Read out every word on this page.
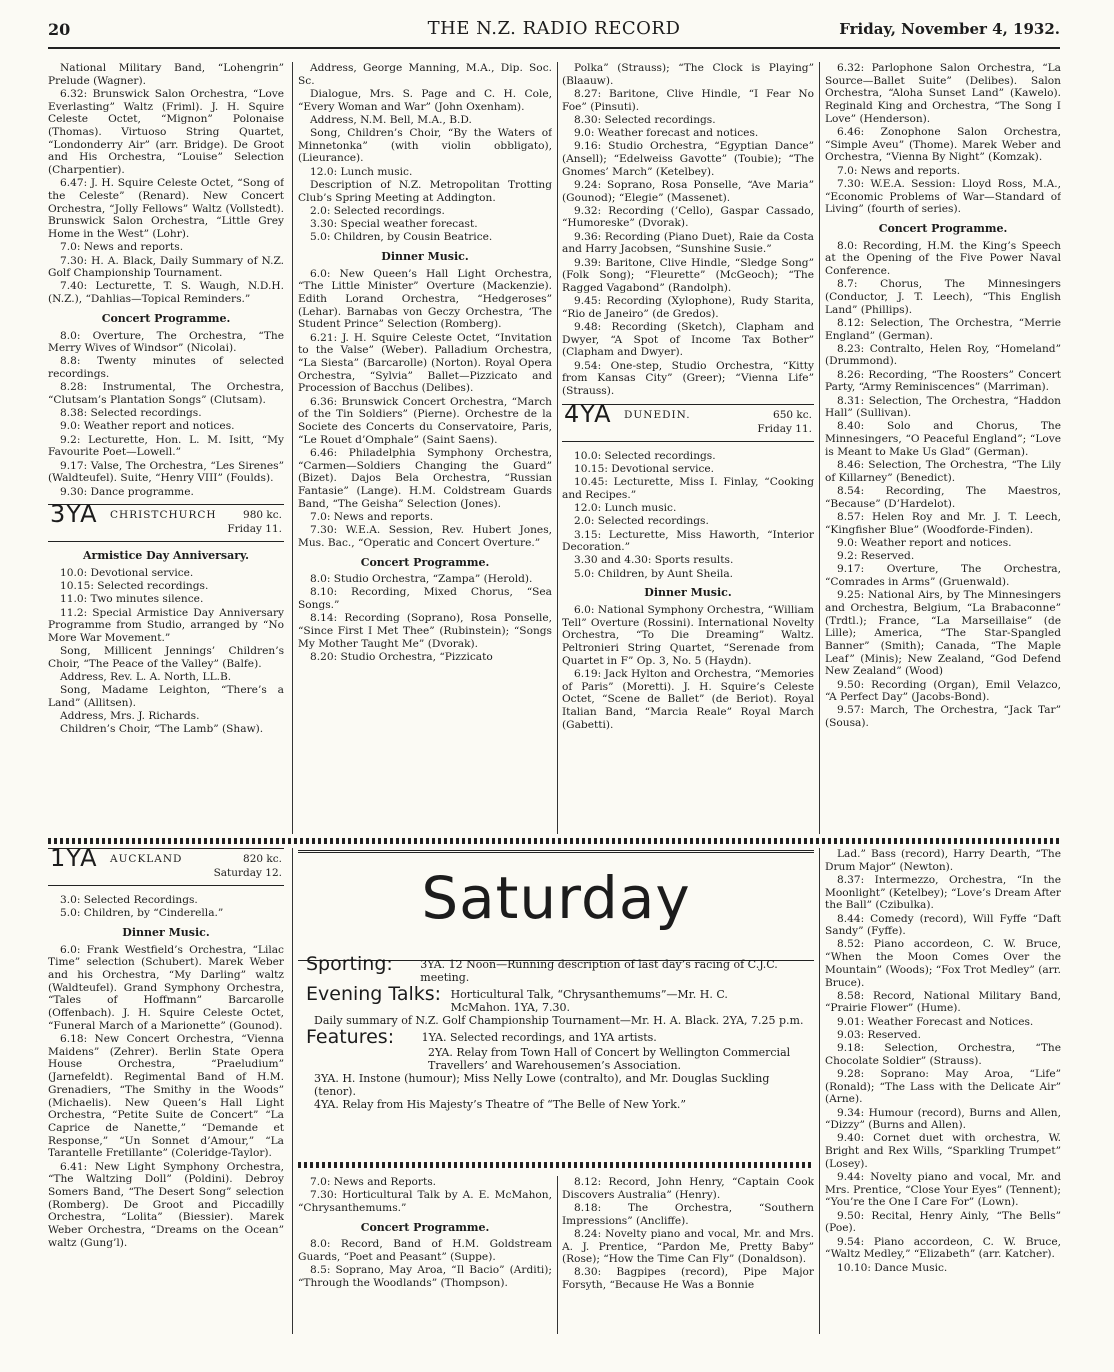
20	THE N.Z. RADIO RECORD	Friday, November 4, 1932.

National Military Band, “Lohengrin” Prelude (Wagner).

6.32: Brunswick Salon Orchestra, “Love Everlasting” Waltz (Friml). J. H. Squire Celeste Octet, “Mignon” Polonaise (Thomas). Virtuoso String Quartet, “Londonderry Air” (arr. Bridge). De Groot and His Orchestra, “Louise” Selection (Charpentier).

6.47: J. H. Squire Celeste Octet, “Song of the Celeste” (Renard). New Concert Orchestra, “Jolly Fellows” Waltz (Vollstedt). Brunswick Salon Orchestra, “Little Grey Home in the West” (Lohr).

7.0: News and reports.

7.30: H. A. Black, Daily Summary of N.Z. Golf Championship Tournament.

7.40: Lecturette, T. S. Waugh, N.D.H. (N.Z.), “Dahlias—Topical Reminders.”

Concert Programme.

8.0: Overture, The Orchestra, “The Merry Wives of Windsor” (Nicolai).

8.8: Twenty minutes of selected recordings.

8.28: Instrumental, The Orchestra, “Clutsam’s Plantation Songs” (Clutsam).

8.38: Selected recordings.

9.0: Weather report and notices.

9.2: Lecturette, Hon. L. M. Isitt, “My Favourite Poet—Lowell.”

9.17: Valse, The Orchestra, “Les Sirenes” (Waldteufel). Suite, “Henry VIII” (Foulds).

9.30: Dance programme.

3YA CHRISTCHURCH	980 kc.
Friday 11.

Armistice Day Anniversary.

10.0: Devotional service.

10.15: Selected recordings.

11.0: Two minutes silence.

11.2: Special Armistice Day Anniversary Programme from Studio, arranged by “No More War Movement.”

Song, Millicent Jennings’ Children’s Choir, “The Peace of the Valley” (Balfe).

Address, Rev. L. A. North, LL.B.

Song, Madame Leighton, “There’s a Land” (Allitsen).

Address, Mrs. J. Richards.

Children’s Choir, “The Lamb” (Shaw).

Address, George Manning, M.A., Dip. Soc. Sc.

Dialogue, Mrs. S. Page and C. H. Cole, “Every Woman and War” (John Oxenham).

Address, N.M. Bell, M.A., B.D.

Song, Children’s Choir, “By the Waters of Minnetonka” (with violin obbligato), (Lieurance).

12.0: Lunch music.

Description of N.Z. Metropolitan Trotting Club’s Spring Meeting at Addington.

2.0: Selected recordings.

3.30: Special weather forecast.

5.0: Children, by Cousin Beatrice.

Dinner Music.

6.0: New Queen’s Hall Light Orchestra, “The Little Minister” Overture (Mackenzie). Edith Lorand Orchestra, “Hedgeroses” (Lehar). Barnabas von Geczy Orchestra, ‘The Student Prince” Selection (Romberg).

6.21: J. H. Squire Celeste Octet, “Invitation to the Valse” (Weber). Palladium Orchestra, “La Siesta” (Barcarolle) (Norton). Royal Opera Orchestra, “Sylvia” Ballet—Pizzicato and Procession of Bacchus (Delibes).

6.36: Brunswick Concert Orchestra, “March of the Tin Soldiers” (Pierne). Orchestre de la Societe des Concerts du Conservatoire, Paris, “Le Rouet d’Omphale” (Saint Saens).

6.46: Philadelphia Symphony Orchestra, “Carmen—Soldiers Changing the Guard” (Bizet). Dajos Bela Orchestra, “Russian Fantasie” (Lange). H.M. Coldstream Guards Band, “The Geisha” Selection (Jones).

7.0: News and reports.

7.30: W.E.A. Session, Rev. Hubert Jones, Mus. Bac., “Operatic and Concert Overture.”

Concert Programme.

8.0: Studio Orchestra, “Zampa” (Herold).

8.10: Recording, Mixed Chorus, “Sea Songs.”

8.14: Recording (Soprano), Rosa Ponselle, “Since First I Met Thee” (Rubinstein); “Songs My Mother Taught Me” (Dvorak).

8.20: Studio Orchestra, “Pizzicato

Polka” (Strauss); “The Clock is Playing” (Blaauw).

8.27: Baritone, Clive Hindle, “I Fear No Foe” (Pinsuti).

8.30: Selected recordings.

9.0: Weather forecast and notices.

9.16: Studio Orchestra, “Egyptian Dance” (Ansell); “Edelweiss Gavotte” (Toubie); “The Gnomes’ March” (Ketelbey).

9.24: Soprano, Rosa Ponselle, “Ave Maria” (Gounod); “Elegie” (Massenet).

9.32: Recording (’Cello), Gaspar Cassado, “Humoreske” (Dvorak).

9.36: Recording (Piano Duet), Raie da Costa and Harry Jacobsen, “Sunshine Susie.”

9.39: Baritone, Clive Hindle, “Sledge Song” (Folk Song); “Fleurette” (McGeoch); “The Ragged Vagabond” (Randolph).

9.45: Recording (Xylophone), Rudy Starita, “Rio de Janeiro” (de Gredos).

9.48: Recording (Sketch), Clapham and Dwyer, “A Spot of Income Tax Bother” (Clapham and Dwyer).

9.54: One-step, Studio Orchestra, “Kitty from Kansas City” (Greer); “Vienna Life” (Strauss).

4YA DUNEDIN.	650 kc.
Friday 11.

10.0: Selected recordings.

10.15: Devotional service.

10.45: Lecturette, Miss I. Finlay, “Cooking and Recipes.”

12.0: Lunch music.

2.0: Selected recordings.

3.15: Lecturette, Miss Haworth, “Interior Decoration.”

3.30 and 4.30: Sports results.

5.0: Children, by Aunt Sheila.

Dinner Music.

6.0: National Symphony Orchestra, “William Tell” Overture (Rossini). International Novelty Orchestra, “To Die Dreaming” Waltz. Peltronieri String Quartet, “Serenade from Quartet in F” Op. 3, No. 5 (Haydn).

6.19: Jack Hylton and Orchestra, “Memories of Paris” (Moretti). J. H. Squire’s Celeste Octet, “Scene de Ballet” (de Beriot). Royal Italian Band, “Marcia Reale” Royal March (Gabetti).

6.32: Parlophone Salon Orchestra, “La Source—Ballet Suite” (Delibes). Salon Orchestra, “Aloha Sunset Land” (Kawelo). Reginald King and Orchestra, “The Song I Love” (Henderson).

6.46: Zonophone Salon Orchestra, “Simple Aveu” (Thome). Marek Weber and Orchestra, “Vienna By Night” (Komzak).

7.0: News and reports.

7.30: W.E.A. Session: Lloyd Ross, M.A., “Economic Problems of War—Standard of Living” (fourth of series).

Concert Programme.

8.0: Recording, H.M. the King’s Speech at the Opening of the Five Power Naval Conference.

8.7: Chorus, The Minnesingers (Conductor, J. T. Leech), “This English Land” (Phillips).

8.12: Selection, The Orchestra, “Merrie England” (German).

8.23: Contralto, Helen Roy, “Homeland” (Drummond).

8.26: Recording, “The Roosters” Concert Party, “Army Reminiscences” (Marriman).

8.31: Selection, The Orchestra, “Haddon Hall” (Sullivan).

8.40: Solo and Chorus, The Minnesingers, “O Peaceful England”; “Love is Meant to Make Us Glad” (German).

8.46: Selection, The Orchestra, “The Lily of Killarney” (Benedict).

8.54: Recording, The Maestros, “Because” (D’Hardelot).

8.57: Helen Roy and Mr. J. T. Leech, “Kingfisher Blue” (Woodforde-Finden).

9.0: Weather report and notices.

9.2: Reserved.

9.17: Overture, The Orchestra, “Comrades in Arms” (Gruenwald).

9.25: National Airs, by The Minnesingers and Orchestra, Belgium, “La Brabaconne” (Trdtl.); France, “La Marseillaise” (de Lille); America, “The Star-Spangled Banner” (Smith); Canada, “The Maple Leaf” (Minis); New Zealand, “God Defend New Zealand” (Wood)

9.50: Recording (Organ), Emil Velazco, “A Perfect Day” (Jacobs-Bond).

9.57: March, The Orchestra, “Jack Tar” (Sousa).

1YA AUCKLAND	820 kc.
Saturday 12.

3.0: Selected Recordings.

5.0: Children, by “Cinderella.”

Dinner Music.

6.0: Frank Westfield’s Orchestra, “Lilac Time” selection (Schubert). Marek Weber and his Orchestra, “My Darling” waltz (Waldteufel). Grand Symphony Orchestra, “Tales of Hoffmann” Barcarolle (Offenbach). J. H. Squire Celeste Octet, “Funeral March of a Marionette” (Gounod).

6.18: New Concert Orchestra, “Vienna Maidens” (Zehrer). Berlin State Opera House Orchestra, “Praeludium” (Jarnefeldt). Regimental Band of H.M. Grenadiers, “The Smithy in the Woods” (Michaelis). New Queen’s Hall Light Orchestra, “Petite Suite de Concert” “La Caprice de Nanette,” “Demande et Response,” “Un Sonnet d’Amour,” “La Tarantelle Fretillante” (Coleridge-Taylor).

6.41: New Light Symphony Orchestra, “The Waltzing Doll” (Poldini). Debroy Somers Band, “The Desert Song” selection (Romberg). De Groot and Piccadilly Orchestra, “Lolita” (Biessier). Marek Weber Orchestra, “Dreams on the Ocean” waltz (Gung’l).

Saturday
Sporting:	3YA. 12 Noon—Running description of last day’s racing of C.J.C. meeting.
Evening Talks: Horticultural Talk, “Chrysanthemums”—Mr. H. C. McMahon. 1YA, 7.30.

Daily summary of N.Z. Golf Championship Tournament—Mr. H. A. Black. 2YA, 7.25 p.m.

Features:	1YA. Selected recordings, and 1YA artists.

2YA. Relay from Town Hall of Concert by Wellington Commercial Travellers’ and Warehousemen’s Association.

3YA. H. Instone (humour); Miss Nelly Lowe (contralto), and Mr. Douglas Suckling (tenor).

4YA. Relay from His Majesty’s Theatre of “The Belle of New York.”

7.0: News and Reports.

7.30: Horticultural Talk by A. E. McMahon, “Chrysanthemums.”

Concert Programme.

8.0: Record, Band of H.M. Goldstream Guards, “Poet and Peasant” (Suppe).

8.5: Soprano, May Aroa, “Il Bacio” (Arditi); “Through the Woodlands” (Thompson).

8.12: Record, John Henry, “Captain Cook Discovers Australia” (Henry).

8.18: The Orchestra, “Southern Impressions” (Ancliffe).

8.24: Novelty piano and vocal, Mr. and Mrs. A. J. Prentice, “Pardon Me, Pretty Baby” (Rose); “How the Time Can Fly” (Donaldson).

8.30: Bagpipes (record), Pipe Major Forsyth, “Because He Was a Bonnie

Lad.” Bass (record), Harry Dearth, “The Drum Major” (Newton).

8.37: Intermezzo, Orchestra, “In the Moonlight” (Ketelbey); “Love’s Dream After the Ball” (Czibulka).

8.44: Comedy (record), Will Fyffe “Daft Sandy” (Fyffe).

8.52: Piano accordeon, C. W. Bruce, “When the Moon Comes Over the Mountain” (Woods); “Fox Trot Medley” (arr. Bruce).

8.58: Record, National Military Band, “Prairie Flower” (Hume).

9.01: Weather Forecast and Notices.

9.03: Reserved.

9.18: Selection, Orchestra, “The Chocolate Soldier” (Strauss).

9.28: Soprano: May Aroa, “Life” (Ronald); “The Lass with the Delicate Air” (Arne).

9.34: Humour (record), Burns and Allen, “Dizzy” (Burns and Allen).

9.40: Cornet duet with orchestra, W. Bright and Rex Wills, “Sparkling Trumpet” (Losey).

9.44: Novelty piano and vocal, Mr. and Mrs. Prentice, “Close Your Eyes” (Tennent); “You’re the One I Care For” (Lown).

9.50: Recital, Henry Ainly, “The Bells” (Poe).

9.54: Piano accordeon, C. W. Bruce, “Waltz Medley,” “Elizabeth” (arr. Katcher).

10.10: Dance Music.
